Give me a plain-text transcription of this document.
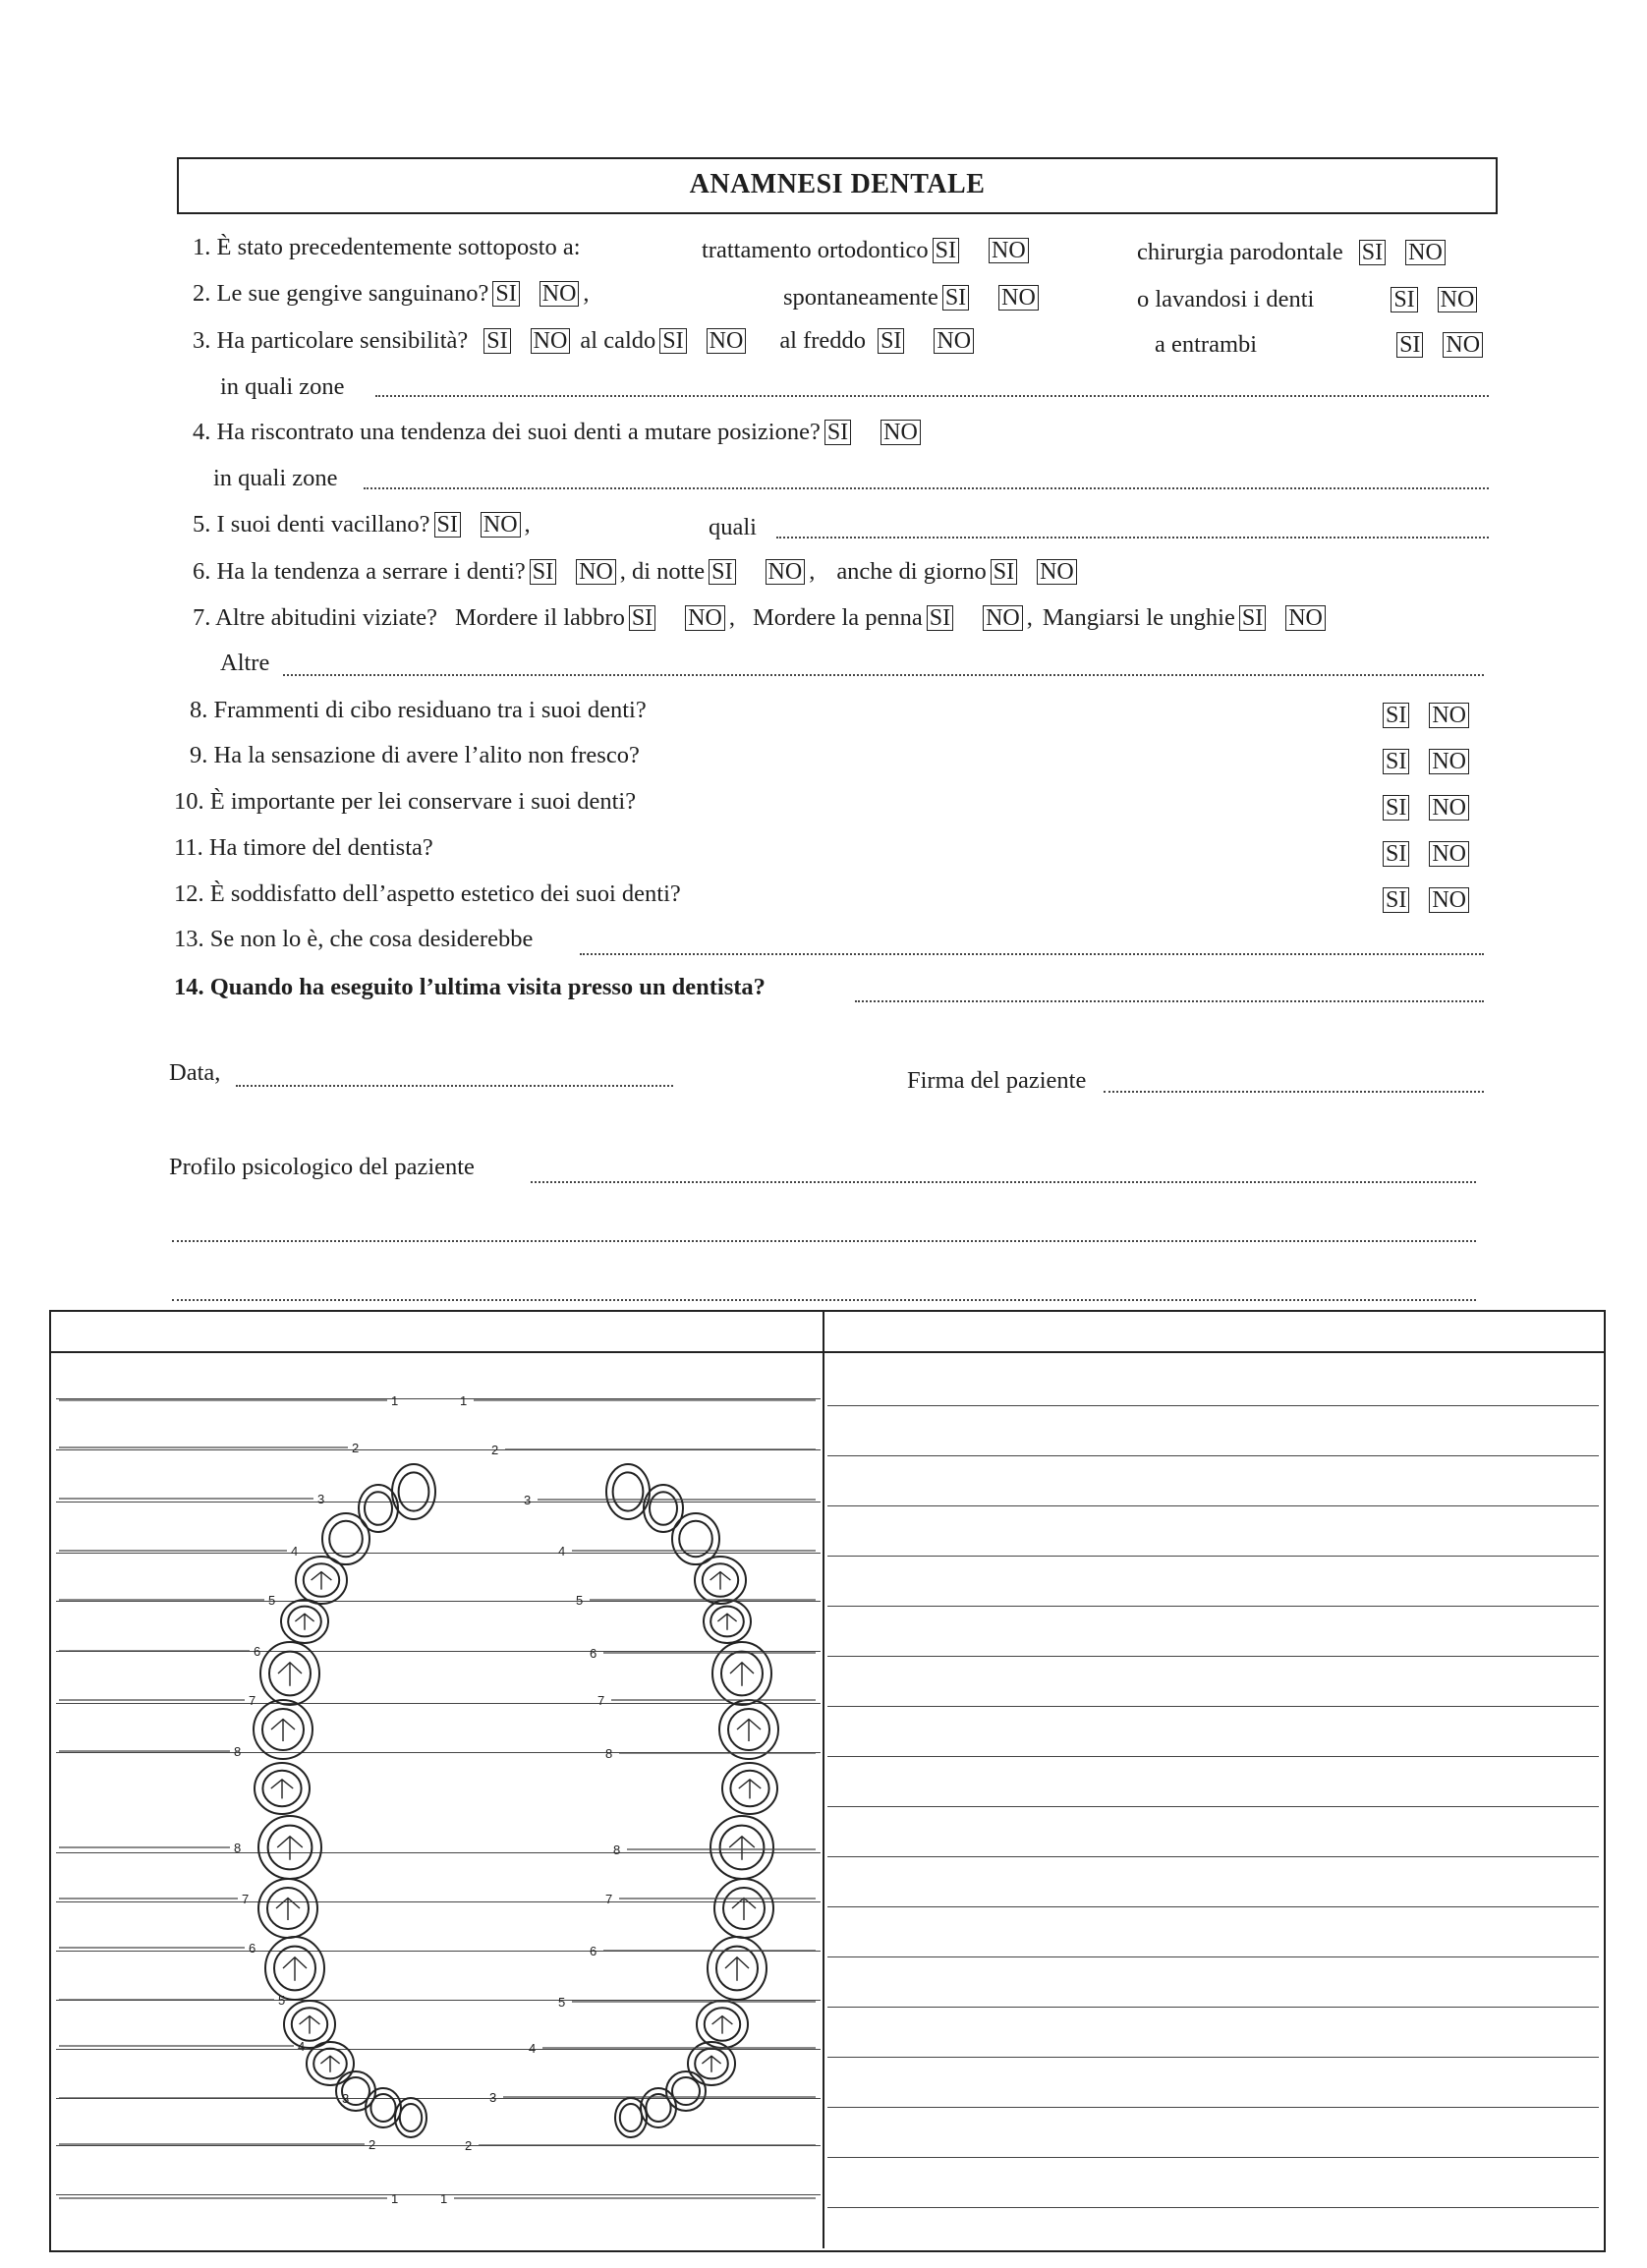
ANAMNESI DENTALE
1. È stato precedentemente sottoposto a:	trattamento ortodontico SI NO	chirurgia parodontale SI NO
2. Le sue gengive sanguinano? SI NO ,	spontaneamente SI NO	o lavandosi i denti	SI NO
3. Ha particolare sensibilità? SI NO al caldo SI NO al freddo SI NO	a entrambi	SI NO
in quali zone
4. Ha riscontrato una tendenza dei suoi denti a mutare posizione? SI NO
in quali zone
5. I suoi denti vacillano? SI NO ,	quali
6. Ha la tendenza a serrare i denti? SI NO , di notte SI NO , anche di giorno SI NO
7. Altre abitudini viziate? Mordere il labbro SI NO , Mordere la penna SI NO , Mangiarsi le unghie SI NO
Altre
8. Frammenti di cibo residuano tra i suoi denti?	SI NO
9. Ha la sensazione di avere l’alito non fresco?	SI NO
10. È importante per lei conservare i suoi denti?	SI NO
11. Ha timore del dentista?	SI NO
12. È soddisfatto dell’aspetto estetico dei suoi denti?	SI NO
13. Se non lo è, che cosa desiderebbe
14. Quando ha eseguito l’ultima visita presso un dentista?
Data,	Firma del paziente
Profilo psicologico del paziente
1
2
3
4
5
6
7
8
1
2
3
4
5
6
7
8
8
7
6
5
4
3
2
1
8
7
6
5
4
3
2
1
